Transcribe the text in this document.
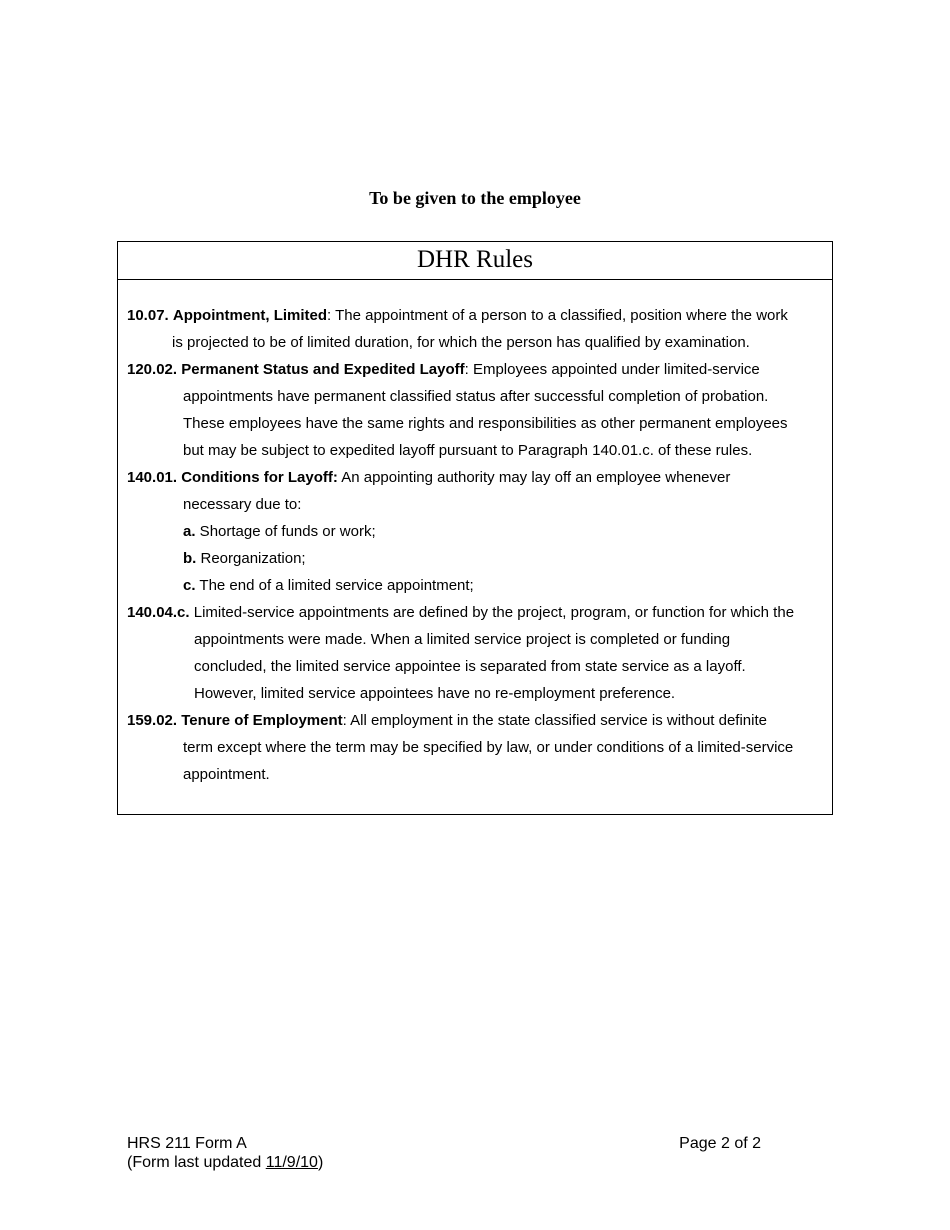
To be given to the employee
DHR Rules
10.07. Appointment, Limited: The appointment of a person to a classified, position where the work
is projected to be of limited duration, for which the person has qualified by examination.
120.02. Permanent Status and Expedited Layoff: Employees appointed under limited-service
appointments have permanent classified status after successful completion of probation.
These employees have the same rights and responsibilities as other permanent employees
but may be subject to expedited layoff pursuant to Paragraph 140.01.c. of these rules.
140.01. Conditions for Layoff: An appointing authority may lay off an employee whenever
necessary due to:
a. Shortage of funds or work;
b. Reorganization;
c. The end of a limited service appointment;
140.04.c. Limited-service appointments are defined by the project, program, or function for which the
appointments were made. When a limited service project is completed or funding
concluded, the limited service appointee is separated from state service as a layoff.
However, limited service appointees have no re-employment preference.
159.02. Tenure of Employment: All employment in the state classified service is without definite
term except where the term may be specified by law, or under conditions of a limited-service
appointment.
HRS 211 Form A	Page 2 of 2
(Form last updated 11/9/10)
